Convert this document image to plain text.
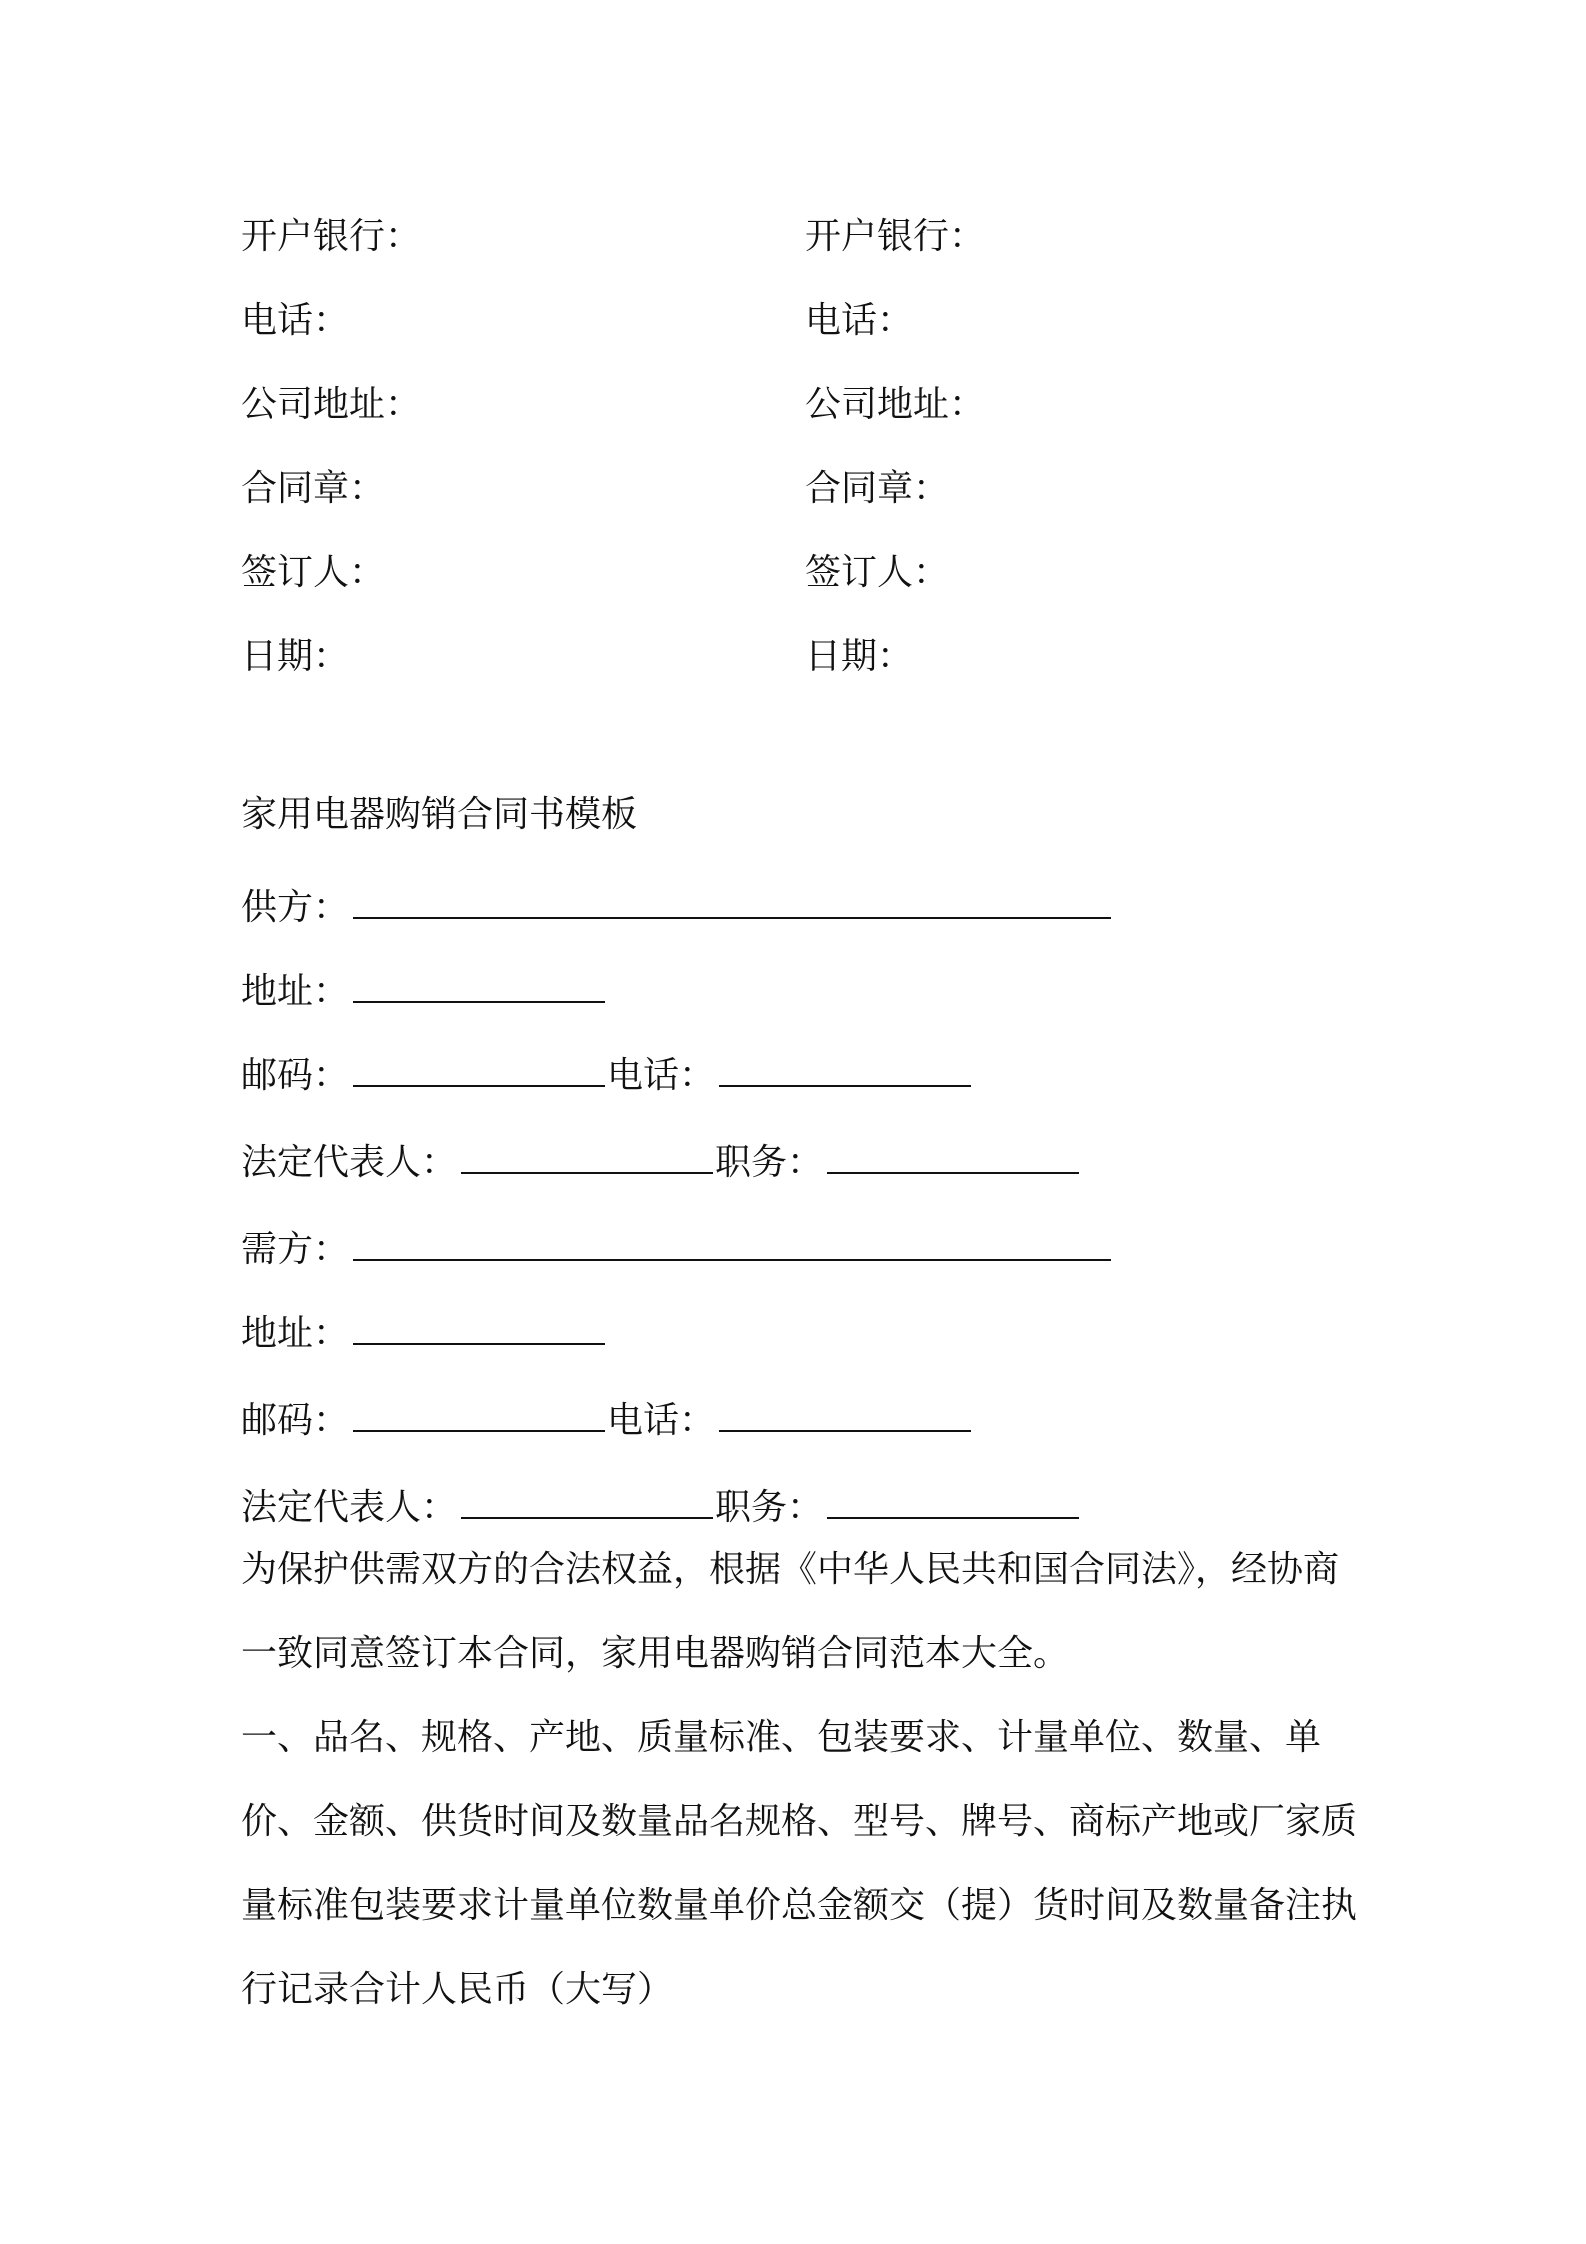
开户银行：	开户银行：
电话：	电话：
公司地址：	公司地址：
合同章：	合同章：
签订人：	签订人：
日期：	日期：
家用电器购销合同书模板
供方：
地址：
邮码：	电话：
法定代表人：	职务：
需方：
地址：
邮码：	电话：
法定代表人：	职务：

为保护供需双方的合法权益，根据《中华人民共和国合同法》，经协商一致同意签订本合同，家用电器购销合同范本大全。

一、品名、规格、产地、质量标准、包装要求、计量单位、数量、单价、金额、供货时间及数量品名规格、型号、牌号、商标产地或厂家质量标准包装要求计量单位数量单价总金额交（提）货时间及数量备注执行记录合计人民币（大写）
